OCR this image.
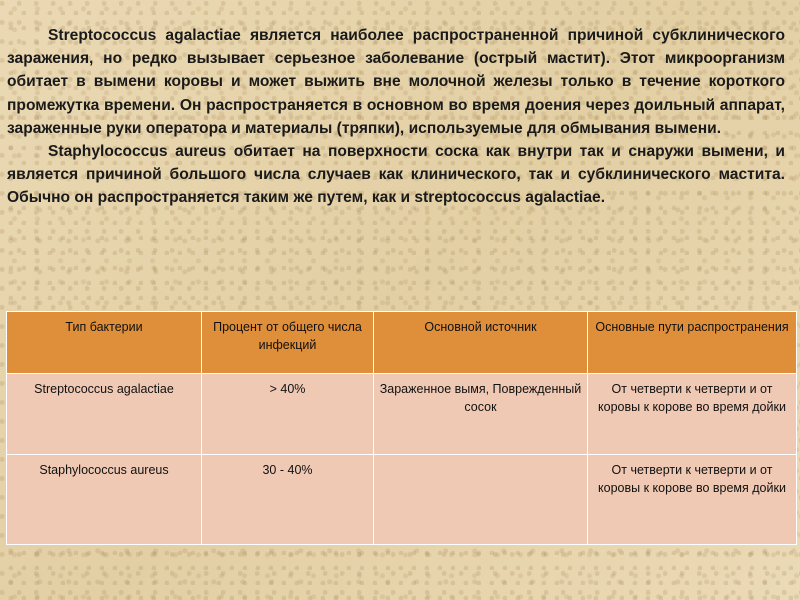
Streptococcus agalactiae является наиболее распространенной причиной субклинического заражения, но редко вызывает серьезное заболевание (острый мастит). Этот микроорганизм обитает в вымени коровы и может выжить вне молочной железы только в течение короткого промежутка времени. Он распространяется в основном во время доения через доильный аппарат, зараженные руки оператора и материалы (тряпки), используемые для обмывания вымени.

Staphylococcus aureus обитает на поверхности соска как внутри так и снаружи вымени, и является причиной большого числа случаев как клинического, так и субклинического мастита. Обычно он распространяется таким же путем, как и streptococcus agalactiae.

Тип бактерии	Процент от общего числа инфекций	Основной источник	Основные пути распространения
Streptococcus agalactiae	> 40%	Зараженное вымя, Поврежденный сосок	От четверти к четверти и от коровы к корове во время дойки
Staphylococcus aureus	30 - 40%		От четверти к четверти и от коровы к корове во время дойки
